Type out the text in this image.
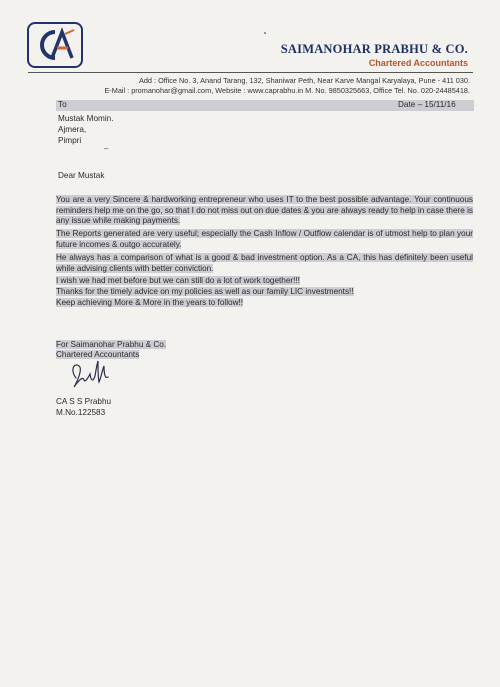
SAIMANOHAR PRABHU & CO.
Chartered Accountants
Add : Office No. 3, Anand Tarang, 132, Shaniwar Peth, Near Karve Mangal Karyalaya, Pune - 411 030.
E-Mail : promanohar@gmail.com, Website : www.caprabhu.in M. No. 9850325663, Office Tel. No. 020-24485418.
To	Date – 15/11/16
Mustak Momin.
Ajmera,
Pimpri
‒
Dear Mustak
You are a very Sincere & hardworking entrepreneur who uses IT to the best possible advantage. Your continuous reminders help me on the go, so that I do not miss out on due dates & you are always ready to help in case there is any issue while making payments.
The Reports generated are very useful; especially the Cash Inflow / Outflow calendar is of utmost help to plan your future incomes & outgo accurately.
He always has a comparison of what is a good & bad investment option. As a CA, this has definitely been useful while advising clients with better conviction.
I wish we had met before but we can still do a lot of work together!!!
Thanks for the timely advice on my policies as well as our family LIC investments!!
Keep achieving More & More in the years to follow!!
For Saimanohar Prabhu & Co.
Chartered Accountants
CA S S Prabhu
M.No.122583
